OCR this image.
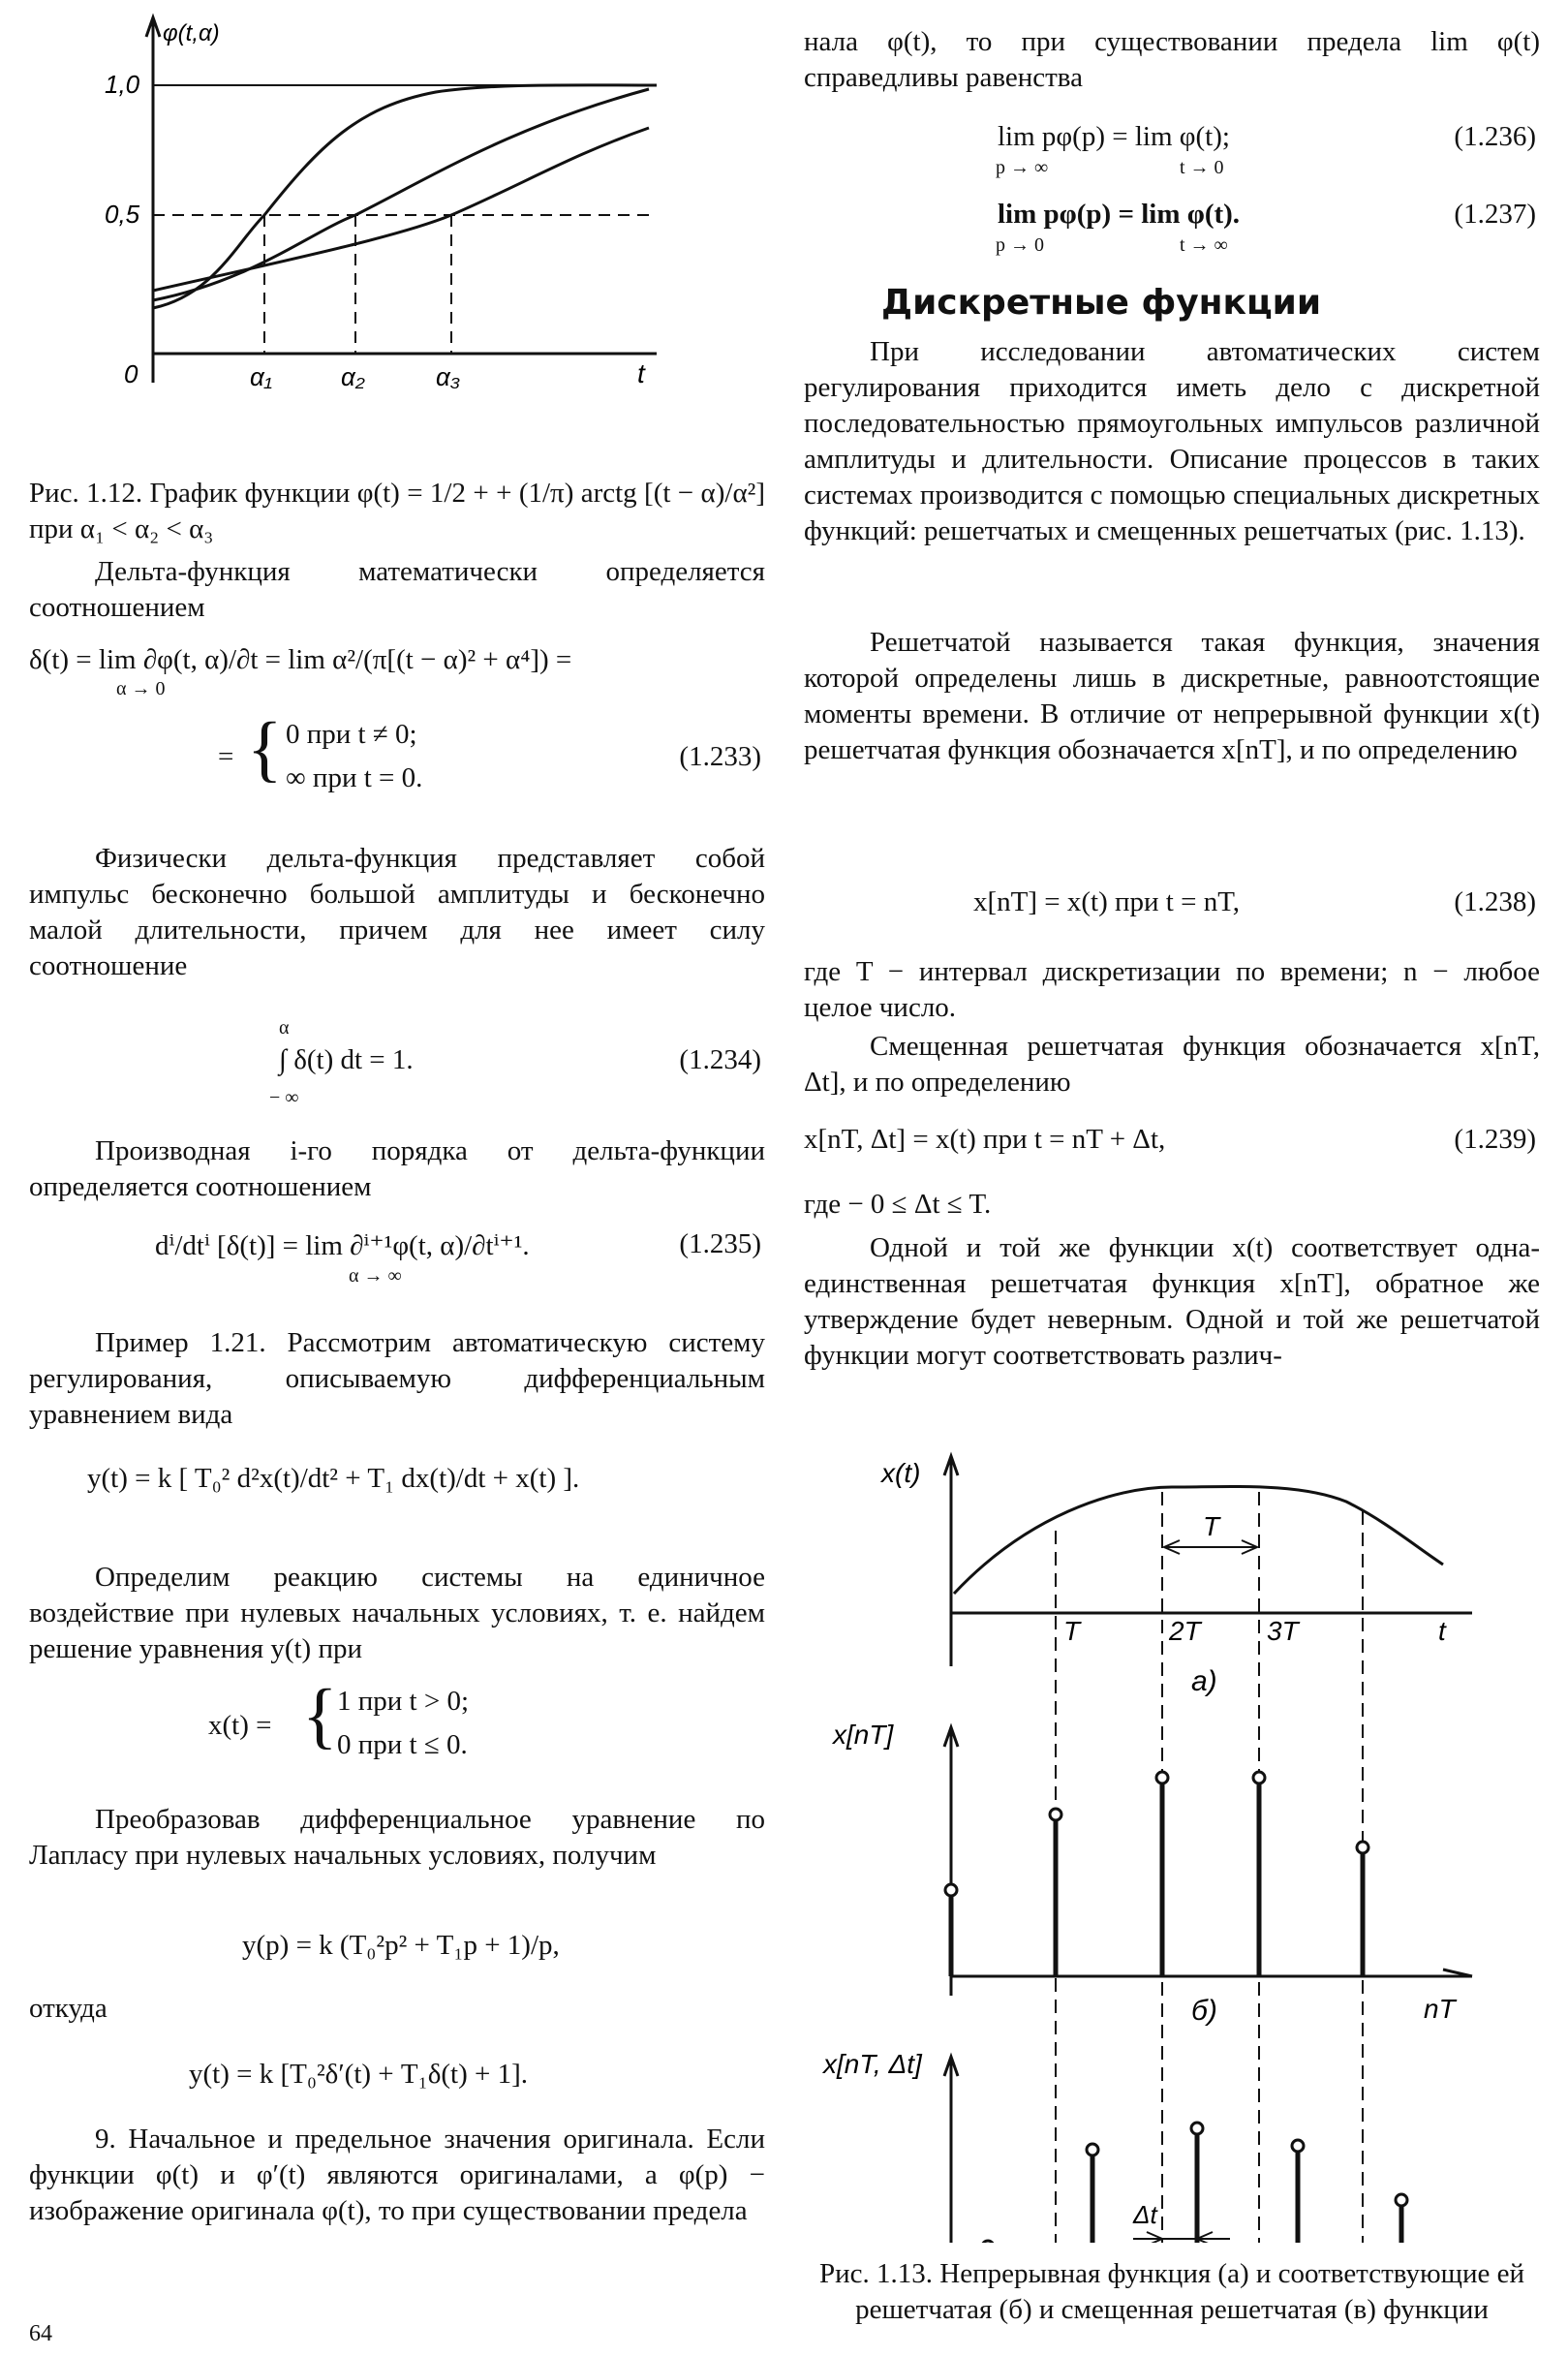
φ(t,α)
1,0
0,5
0	α₁	α₂	α₃	t

Рис. 1.12. График функции φ(t) = 1/2 + + (1/π) arctg [(t − α)/α²] при α₁ < α₂ < α₃

Дельта-функция математически определяется соотношением

δ(t) = lim ∂φ(t, α)/∂t = lim α²/(π[(t − α)² + α⁴]) =
α → 0
{ 0 при t ≠ 0;
∞ при t = 0.
=	(1.233)

Физически дельта-функция представляет собой импульс бесконечно большой амплитуды и бесконечно малой длительности, причем для нее имеет силу соотношение

α
∫ δ(t) dt = 1.
− ∞
(1.234)

Производная i-го порядка от дельта-функции определяется соотношением

dⁱ/dtⁱ [δ(t)] = lim ∂ⁱ⁺¹φ(t, α)/∂tⁱ⁺¹.
α → ∞
(1.235)

Пример 1.21. Рассмотрим автоматическую систему регулирования, описываемую дифференциальным уравнением вида

y(t) = k [ T₀² d²x(t)/dt² + T₁ dx(t)/dt + x(t) ].

Определим реакцию системы на единичное воздействие при нулевых начальных условиях, т. е. найдем решение уравнения y(t) при

x(t) = { 1 при t > 0;
0 при t ≤ 0.

Преобразовав дифференциальное уравнение по Лапласу при нулевых начальных условиях, получим

y(p) = k (T₀²p² + T₁p + 1)/p,

откуда

y(t) = k [T₀²δ′(t) + T₁δ(t) + 1].

9. Начальное и предельное значения оригинала. Если функции φ(t) и φ′(t) являются оригиналами, а φ(p) − изображение оригинала φ(t), то при существовании предела

64

нала φ(t), то при существовании предела lim φ(t) справедливы равенства

lim pφ(p) = lim φ(t);
p → ∞	t → 0
(1.236)
lim pφ(p) = lim φ(t).
p → 0	t → ∞
(1.237)
Дискретные функции

При исследовании автоматических систем регулирования приходится иметь дело с дискретной последовательностью прямоугольных импульсов различной амплитуды и длительности. Описание процессов в таких системах производится с помощью специальных дискретных функций: решетчатых и смещенных решетчатых (рис. 1.13).

Решетчатой называется такая функция, значения которой определены лишь в дискретные, равноотстоящие моменты времени. В отличие от непрерывной функции x(t) решетчатая функция обозначается x[nT], и по определению

x[nT] = x(t) при t = nT,	(1.238)

где T − интервал дискретизации по времени; n − любое целое число.

Смещенная решетчатая функция обозначается x[nT, Δt], и по определению

x[nT, Δt] = x(t) при t = nT + Δt,	(1.239)

где − 0 ≤ Δt ≤ T.

Одной и той же функции x(t) соответствует одна-единственная решетчатая функция x[nT], обратное же утверждение будет неверным. Одной и той же решетчатой функции могут соответствовать различ-

x(t)
T
T	2T 3T	t
a)
x[nT]
nT
б)
x[nT, Δt]
Δt

Рис. 1.13. Непрерывная функция (а) и соответствующие ей решетчатая (б) и смещенная решетчатая (в) функции
